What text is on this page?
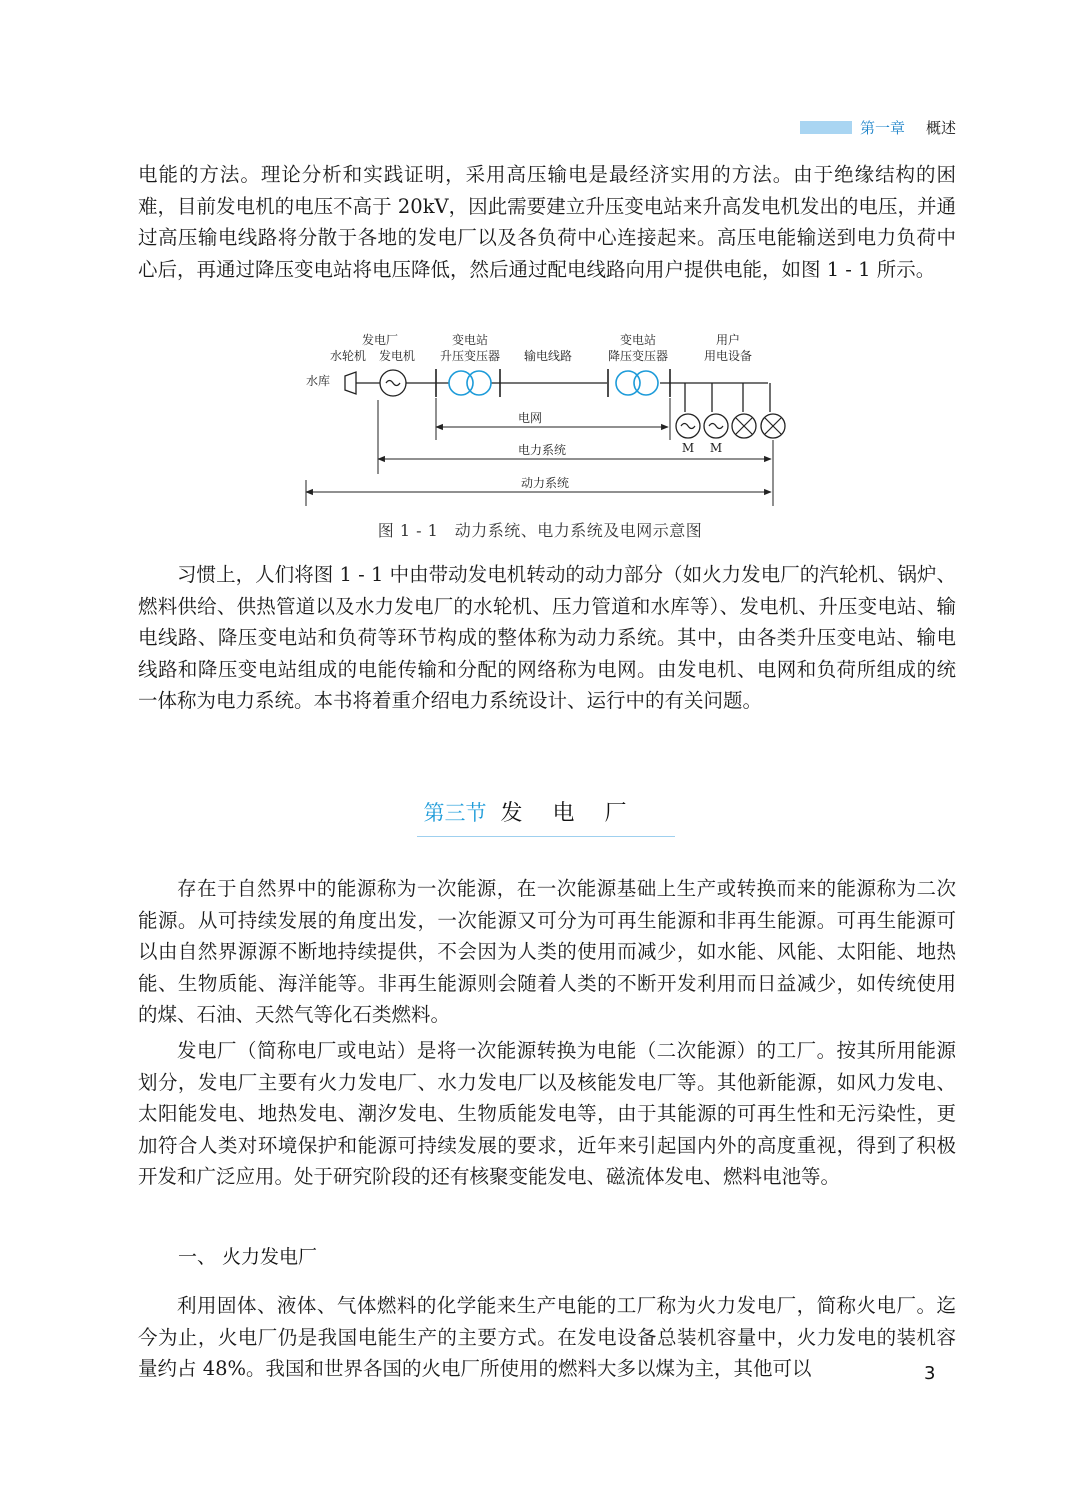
第一章 概述

电能的方法。理论分析和实践证明，采用高压输电是最经济实用的方法。由于绝缘结构的困难，目前发电机的电压不高于 20kV，因此需要建立升压变电站来升高发电机发出的电压，并通过高压输电线路将分散于各地的发电厂以及各负荷中心连接起来。高压电能输送到电力负荷中心后，再通过降压变电站将电压降低，然后通过配电线路向用户提供电能，如图 1 - 1 所示。

发电厂
水轮机 发电机
变电站
升压变压器 输电线路
变电站
降压变压器
用户
用电设备
水库
M M
电网
电力系统
动力系统
图 1 - 1　动力系统、电力系统及电网示意图

习惯上，人们将图 1 - 1 中由带动发电机转动的动力部分（如火力发电厂的汽轮机、锅炉、燃料供给、供热管道以及水力发电厂的水轮机、压力管道和水库等）、发电机、升压变电站、输电线路、降压变电站和负荷等环节构成的整体称为动力系统。其中，由各类升压变电站、输电线路和降压变电站组成的电能传输和分配的网络称为电网。由发电机、电网和负荷所组成的统一体称为电力系统。本书将着重介绍电力系统设计、运行中的有关问题。

第三节 发电厂

存在于自然界中的能源称为一次能源，在一次能源基础上生产或转换而来的能源称为二次能源。从可持续发展的角度出发，一次能源又可分为可再生能源和非再生能源。可再生能源可以由自然界源源不断地持续提供，不会因为人类的使用而减少，如水能、风能、太阳能、地热能、生物质能、海洋能等。非再生能源则会随着人类的不断开发利用而日益减少，如传统使用的煤、石油、天然气等化石类燃料。

发电厂（简称电厂或电站）是将一次能源转换为电能（二次能源）的工厂。按其所用能源划分，发电厂主要有火力发电厂、水力发电厂以及核能发电厂等。其他新能源，如风力发电、太阳能发电、地热发电、潮汐发电、生物质能发电等，由于其能源的可再生性和无污染性，更加符合人类对环境保护和能源可持续发展的要求，近年来引起国内外的高度重视，得到了积极开发和广泛应用。处于研究阶段的还有核聚变能发电、磁流体发电、燃料电池等。

一、 火力发电厂

利用固体、液体、气体燃料的化学能来生产电能的工厂称为火力发电厂，简称火电厂。迄今为止，火电厂仍是我国电能生产的主要方式。在发电设备总装机容量中，火力发电的装机容量约占 48%。我国和世界各国的火电厂所使用的燃料大多以煤为主，其他可以	3
